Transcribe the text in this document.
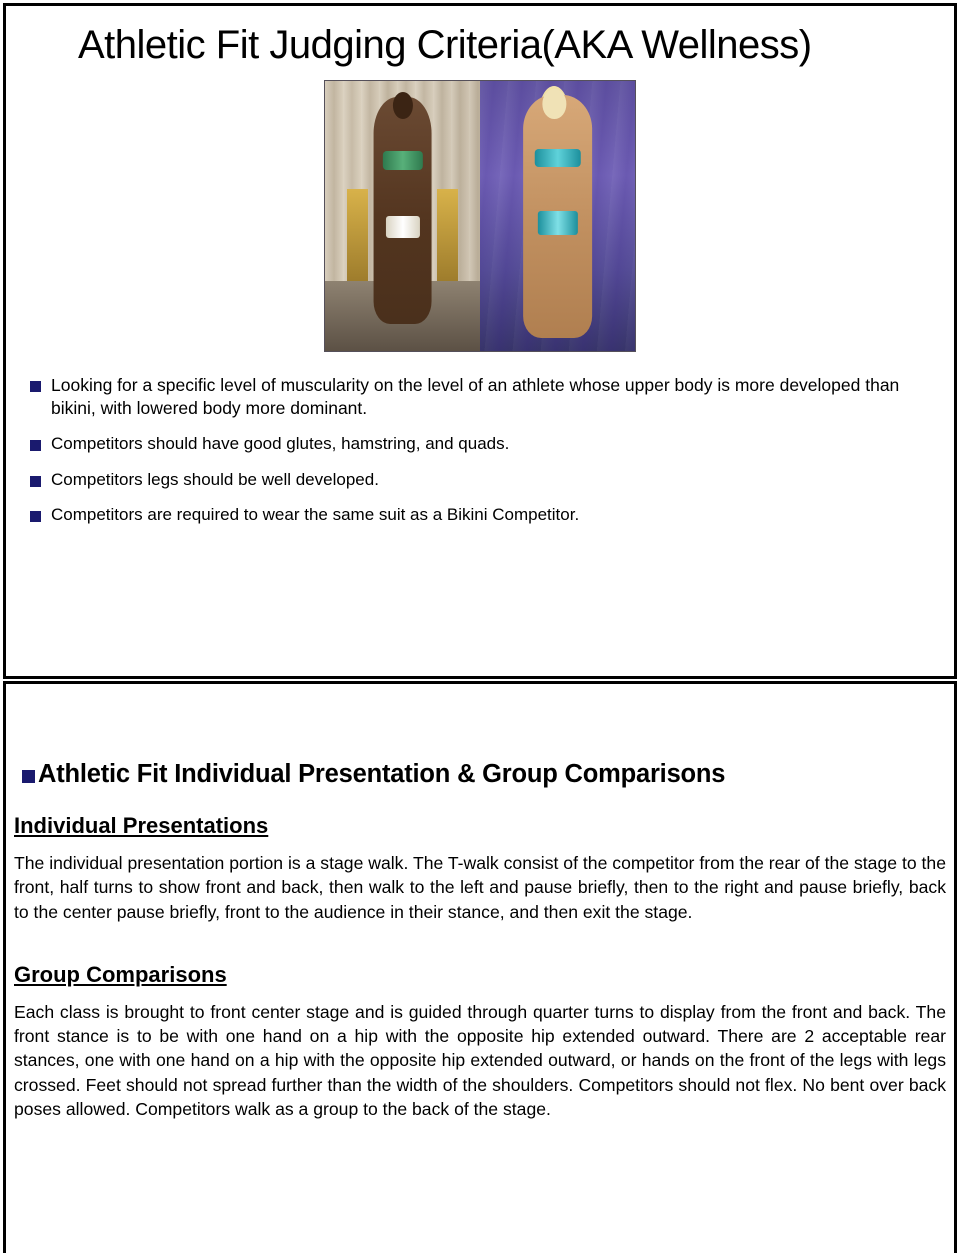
Athletic Fit Judging Criteria(AKA Wellness)
Looking for a specific level of muscularity on the level of an athlete whose upper body is more developed than bikini, with lowered body more dominant.
Competitors should have good glutes, hamstring, and quads.
Competitors legs should be well developed.
Competitors are required to wear the same suit as a Bikini Competitor.
Athletic Fit Individual Presentation & Group Comparisons
Individual Presentations
The individual presentation portion is a stage walk. The T-walk consist of the competitor from the rear of the stage to the front, half turns to show front and back, then walk to the left and pause briefly, then to the right and pause briefly, back to the center pause briefly, front to the audience in their stance, and then exit the stage.
Group Comparisons
Each class is brought to front center stage and is guided through quarter turns to display from the front and back. The front stance is to be with one hand on a hip with the opposite hip extended outward. There are 2 acceptable rear stances, one with one hand on a hip with the opposite hip extended outward, or hands on the front of the legs with legs crossed. Feet should not spread further than the width of the shoulders. Competitors should not flex. No bent over back poses allowed. Competitors walk as a group to the back of the stage.
